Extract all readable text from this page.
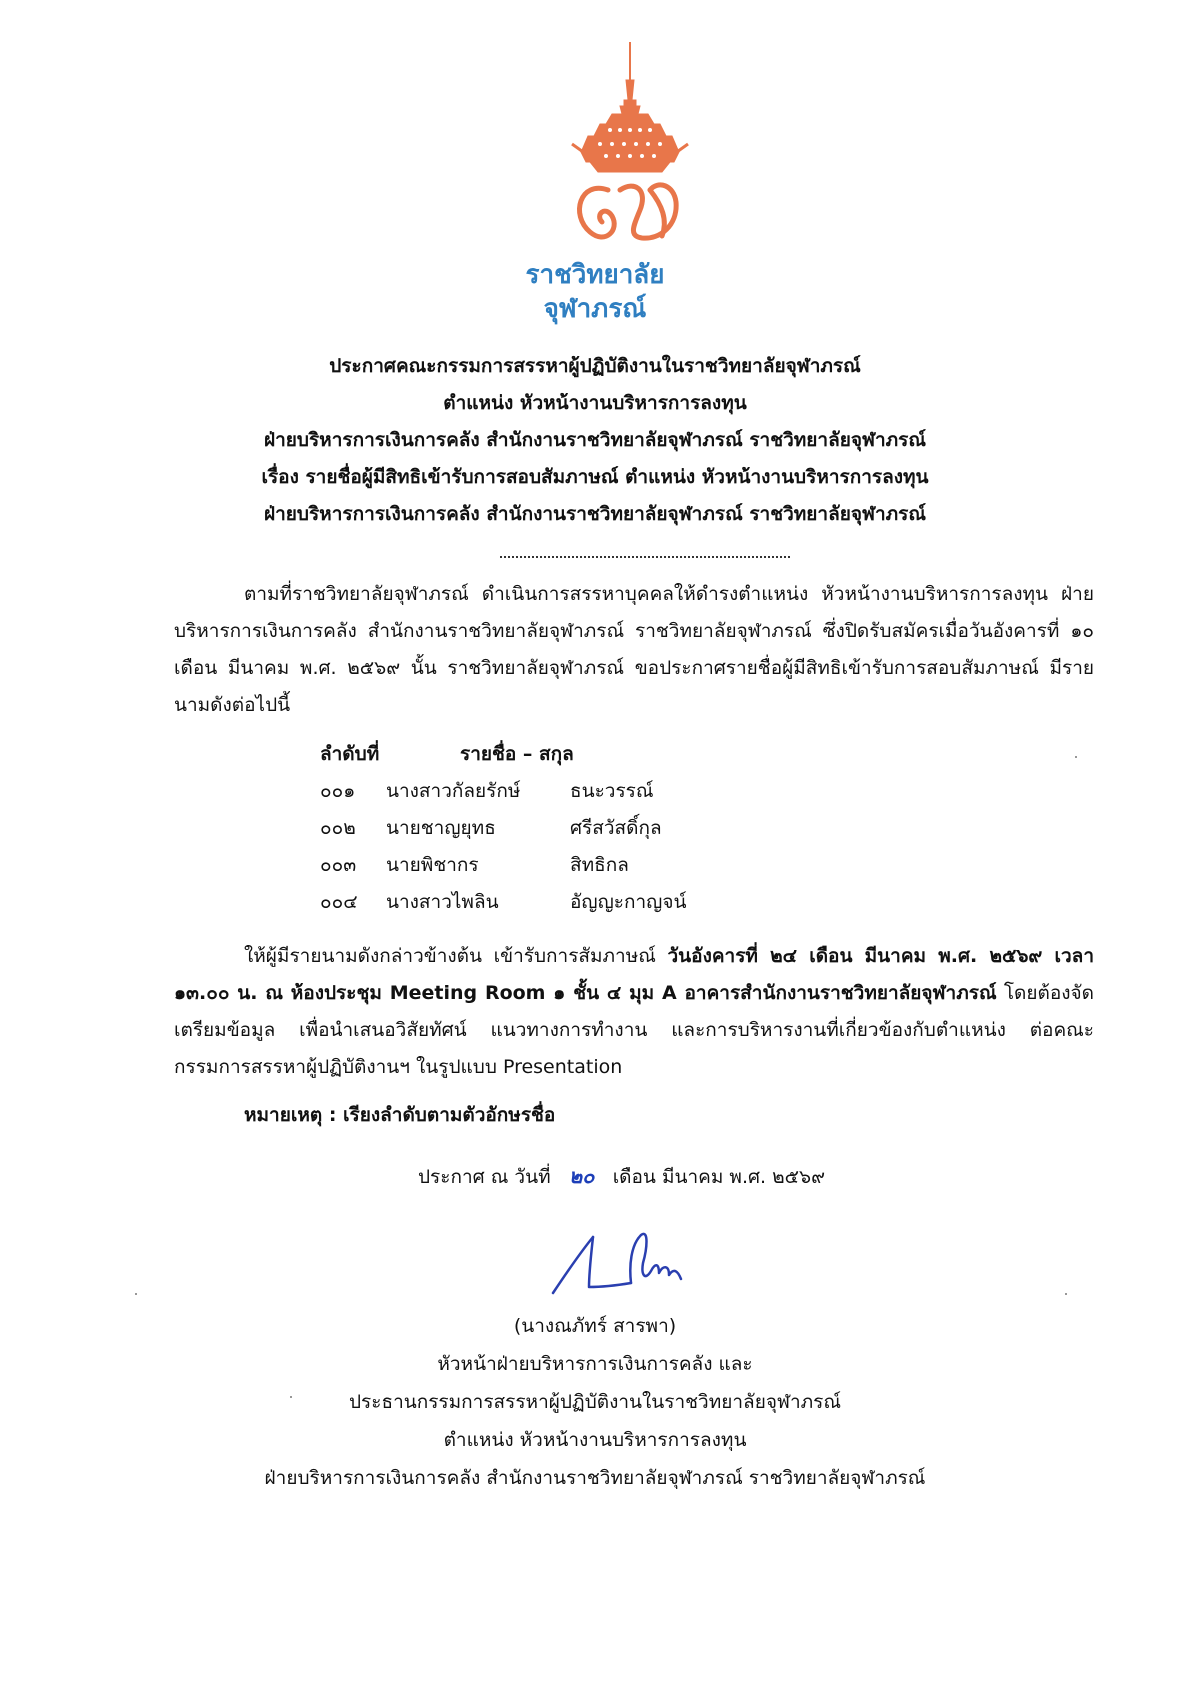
ราชวิทยาลัย
จุฬาภรณ์
ประกาศคณะกรรมการสรรหาผู้ปฏิบัติงานในราชวิทยาลัยจุฬาภรณ์
ตำแหน่ง หัวหน้างานบริหารการลงทุน
ฝ่ายบริหารการเงินการคลัง สำนักงานราชวิทยาลัยจุฬาภรณ์ ราชวิทยาลัยจุฬาภรณ์
เรื่อง รายชื่อผู้มีสิทธิเข้ารับการสอบสัมภาษณ์ ตำแหน่ง หัวหน้างานบริหารการลงทุน
ฝ่ายบริหารการเงินการคลัง สำนักงานราชวิทยาลัยจุฬาภรณ์ ราชวิทยาลัยจุฬาภรณ์
ตามที่ราชวิทยาลัยจุฬาภรณ์ ดำเนินการสรรหาบุคคลให้ดำรงตำแหน่ง หัวหน้างานบริหารการลงทุน ฝ่ายบริหารการเงินการคลัง สำนักงานราชวิทยาลัยจุฬาภรณ์ ราชวิทยาลัยจุฬาภรณ์ ซึ่งปิดรับสมัครเมื่อวันอังคารที่ ๑๐ เดือน มีนาคม พ.ศ. ๒๕๖๙ นั้น ราชวิทยาลัยจุฬาภรณ์ ขอประกาศรายชื่อผู้มีสิทธิเข้ารับการสอบสัมภาษณ์ มีรายนามดังต่อไปนี้
ลำดับที่	รายชื่อ – สกุล
๐๐๑	นางสาวกัลยรักษ์	ธนะวรรณ์
๐๐๒	นายชาญยุทธ	ศรีสวัสดิ์กุล
๐๐๓	นายพิชากร	สิทธิกล
๐๐๔	นางสาวไพลิน	อัญญะกาญจน์
ให้ผู้มีรายนามดังกล่าวข้างต้น เข้ารับการสัมภาษณ์ วันอังคารที่ ๒๔ เดือน มีนาคม พ.ศ. ๒๕๖๙ เวลา ๑๓.๐๐ น. ณ ห้องประชุม Meeting Room ๑ ชั้น ๔ มุม A อาคารสำนักงานราชวิทยาลัยจุฬาภรณ์ โดยต้องจัดเตรียมข้อมูล เพื่อนำเสนอวิสัยทัศน์ แนวทางการทำงาน และการบริหารงานที่เกี่ยวข้องกับตำแหน่ง ต่อคณะกรรมการสรรหาผู้ปฏิบัติงานฯ ในรูปแบบ Presentation
หมายเหตุ : เรียงลำดับตามตัวอักษรชื่อ
ประกาศ ณ วันที่ ๒๐ เดือน มีนาคม พ.ศ. ๒๕๖๙
(นางณภัทร์ สารพา)
หัวหน้าฝ่ายบริหารการเงินการคลัง และ
ประธานกรรมการสรรหาผู้ปฏิบัติงานในราชวิทยาลัยจุฬาภรณ์
ตำแหน่ง หัวหน้างานบริหารการลงทุน
ฝ่ายบริหารการเงินการคลัง สำนักงานราชวิทยาลัยจุฬาภรณ์ ราชวิทยาลัยจุฬาภรณ์
